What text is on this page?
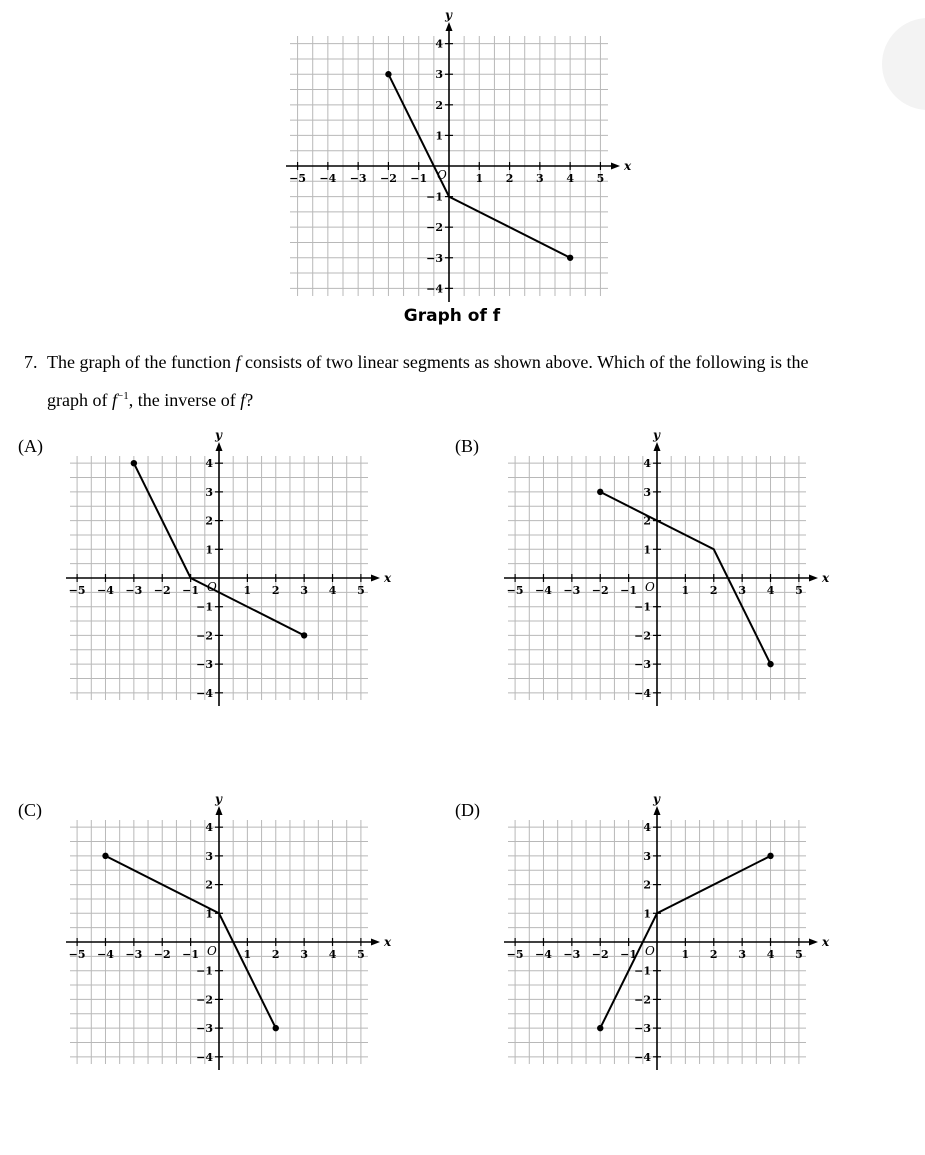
x
y
−5 −4 −3 −2 −1	1 2 3 4 5
−4
−3
−2
−1
1
2
3
4
O
Graph of f
7. The graph of the function f consists of two linear segments as shown above. Which of the following is the
graph of $f^{-1}$, the inverse of f?
(A)	(B)
(C)	(D)
x
y
−5 −4 −3 −2 −1	1 2 3 4 5
−4
−3
−2
−1
1
2
3
4
O
x
y
−5 −4 −3 −2 −1	1 2 3 4 5
−4
−3
−2
−1
1
2
3
4
O
x
y
−5 −4 −3 −2 −1	1 2 3 4 5
−4
−3
−2
−1
1
2
3
4
O
x
y
−5 −4 −3 −2 −1	1 2 3 4 5
−4
−3
−2
−1
1
2
3
4
O
